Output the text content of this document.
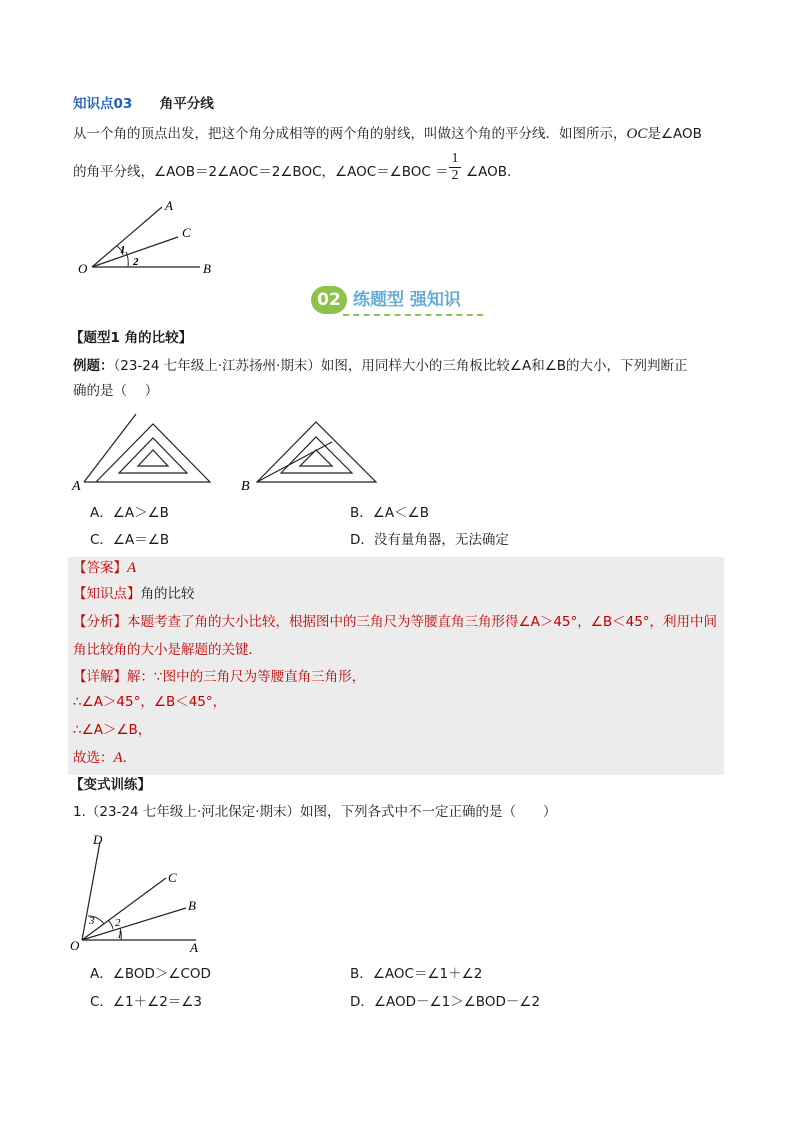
知识点03 角平分线
从一个角的顶点出发，把这个角分成相等的两个角的射线，叫做这个角的平分线．如图所示，OC是∠AOB
的角平分线，∠AOB＝2∠AOC＝2∠BOC，∠AOC＝∠BOC ＝
1
2 ∠AOB.
A
C
O	B
1
2
02 练题型 强知识
【题型1 角的比较】
例题：（23-24 七年级上·江苏扬州·期末）如图，用同样大小的三角板比较∠A和∠B的大小，下列判断正
确的是（　 ）
A	B
A．∠A＞∠B	B．∠A＜∠B
C．∠A＝∠B	D．没有量角器，无法确定
【答案】A
【知识点】角的比较
【分析】本题考查了角的大小比较，根据图中的三角尺为等腰直角三角形得∠A＞45°，∠B＜45°，利用中间
角比较角的大小是解题的关键．
【详解】解：∵图中的三角尺为等腰直角三角形，
∴∠A＞45°，∠B＜45°，
∴∠A＞∠B，
故选：A．
【变式训练】
1.（23-24 七年级上·河北保定·期末）如图，下列各式中不一定正确的是（　　）
D
C
B
O	A
1
2
3
A．∠BOD＞∠COD	B．∠AOC＝∠1＋∠2
C．∠1＋∠2＝∠3	D．∠AOD－∠1＞∠BOD－∠2
